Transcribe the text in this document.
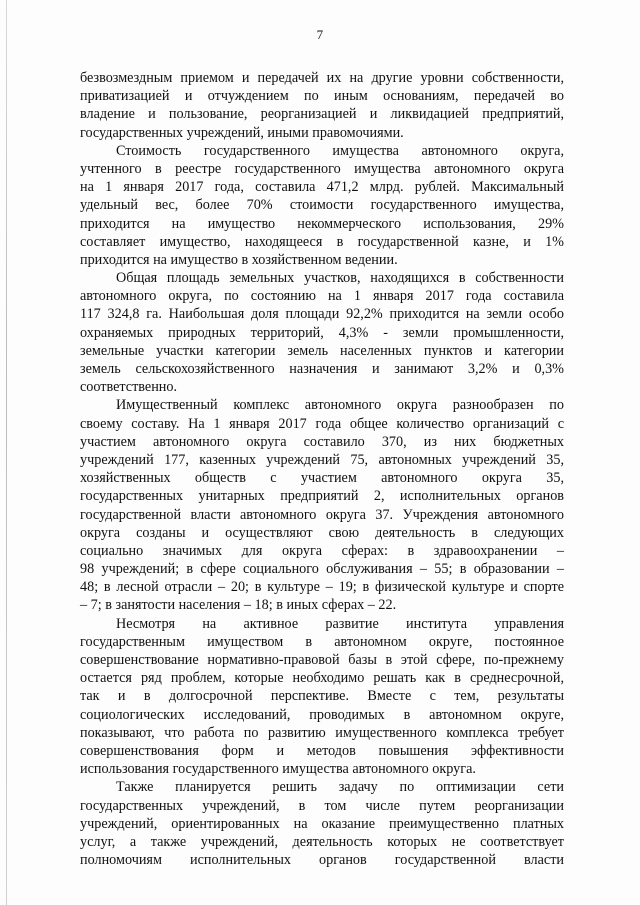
7

безвозмездным приемом и передачей их на другие уровни собственности,
приватизацией и отчуждением по иным основаниям, передачей во
владение и пользование, реорганизацией и ликвидацией предприятий,
государственных учреждений, иными правомочиями.

Стоимость государственного имущества автономного округа,
учтенного в реестре государственного имущества автономного округа
на 1 января 2017 года, составила 471,2 млрд. рублей. Максимальный
удельный вес, более 70% стоимости государственного имущества,
приходится на имущество некоммерческого использования, 29%
составляет имущество, находящееся в государственной казне, и 1%
приходится на имущество в хозяйственном ведении.

Общая площадь земельных участков, находящихся в собственности
автономного округа, по состоянию на 1 января 2017 года составила
117 324,8 га. Наибольшая доля площади 92,2% приходится на земли особо
охраняемых природных территорий, 4,3% - земли промышленности,
земельные участки категории земель населенных пунктов и категории
земель сельскохозяйственного назначения и занимают 3,2% и 0,3%
соответственно.

Имущественный комплекс автономного округа разнообразен по
своему составу. На 1 января 2017 года общее количество организаций с
участием автономного округа составило 370, из них бюджетных
учреждений 177, казенных учреждений 75, автономных учреждений 35,
хозяйственных обществ с участием автономного округа 35,
государственных унитарных предприятий 2, исполнительных органов
государственной власти автономного округа 37. Учреждения автономного
округа созданы и осуществляют свою деятельность в следующих
социально значимых для округа сферах: в здравоохранении –
98 учреждений; в сфере социального обслуживания – 55; в образовании –
48; в лесной отрасли – 20; в культуре – 19; в физической культуре и спорте
– 7; в занятости населения – 18; в иных сферах – 22.

Несмотря на активное развитие института управления
государственным имуществом в автономном округе, постоянное
совершенствование нормативно-правовой базы в этой сфере, по-прежнему
остается ряд проблем, которые необходимо решать как в среднесрочной,
так и в долгосрочной перспективе. Вместе с тем, результаты
социологических исследований, проводимых в автономном округе,
показывают, что работа по развитию имущественного комплекса требует
совершенствования форм и методов повышения эффективности
использования государственного имущества автономного округа.

Также планируется решить задачу по оптимизации сети
государственных учреждений, в том числе путем реорганизации
учреждений, ориентированных на оказание преимущественно платных
услуг, а также учреждений, деятельность которых не соответствует
полномочиям исполнительных органов государственной власти
